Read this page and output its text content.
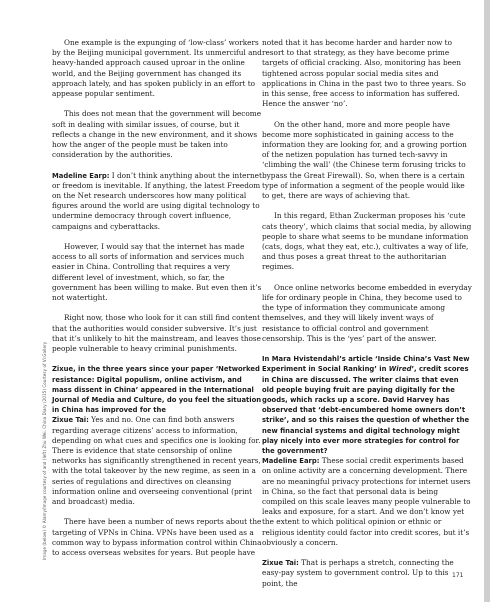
Image (below) © Alamy/Image courtesy of and (left) Zhu Wei. China Diary (2015) Courtesy of Vi:Gallery

One example is the expunging of ‘low-class’ workers by the Beijing municipal government. Its unmerciful and heavy-handed approach caused uproar in the online world, and the Beijing government has changed its approach lately, and has spoken publicly in an effort to appease popular sentiment.

This does not mean that the government will become soft in dealing with similar issues, of course, but it reflects a change in the new environment, and it shows how the anger of the people must be taken into consideration by the authorities.

Madeline Earp: I don’t think anything about the internet or freedom is inevitable. If anything, the latest Freedom on the Net research underscores how many political figures around the world are using digital technology to undermine democracy through covert influence, campaigns and cyberattacks.

However, I would say that the internet has made access to all sorts of information and services much easier in China. Controlling that requires a very different level of investment, which, so far, the government has been willing to make. But even then it’s not watertight.

Right now, those who look for it can still find content that the authorities would consider subversive. It’s just that it’s unlikely to hit the mainstream, and leaves those people vulnerable to heavy criminal punishments.

Zixue, in the three years since your paper ‘Networked resistance: Digital populism, online activism, and mass dissent in China’ appeared in the International Journal of Media and Culture, do you feel the situation in China has improved for the

Zixue Tai: Yes and no. One can find both answers regarding average citizens’ access to information, depending on what cues and specifics one is looking for. There is evidence that state censorship of online networks has significantly strengthened in recent years, with the total takeover by the new regime, as seen in a series of regulations and directives on cleansing information online and overseeing conventional (print and broadcast) media.

There have been a number of news reports about the targeting of VPNs in China. VPNs have been used as a common way to bypass information control within China to access overseas websites for years. But people have

noted that it has become harder and harder now to resort to that strategy, as they have become prime targets of official cracking. Also, monitoring has been tightened across popular social media sites and applications in China in the past two to three years. So in this sense, free access to information has suffered. Hence the answer ‘no’.

On the other hand, more and more people have become more sophisticated in gaining access to the information they are looking for, and a growing portion of the netizen population has turned tech-savvy in ‘climbing the wall’ (the Chinese term forusing tricks to bypass the Great Firewall). So, when there is a certain type of information a segment of the people would like to get, there are ways of achieving that.

In this regard, Ethan Zuckerman proposes his ‘cute cats theory’, which claims that social media, by allowing people to share what seems to be mundane information (cats, dogs, what they eat, etc.), cultivates a way of life, and thus poses a great threat to the authoritarian regimes.

Once online networks become embedded in everyday life for ordinary people in China, they become used to the type of information they communicate among themselves, and they will likely invent ways of resistance to official control and government censorship. This is the ‘yes’ part of the answer.

In Mara Hvistendahl’s article ‘Inside China’s Vast New Experiment in Social Ranking’ in Wired’, credit scores in China are discussed. The writer claims that even old people buying fruit are paying digitally for the goods, which racks up a score. David Harvey has observed that ‘debt-encumbered home owners don’t strike’, and so this raises the question of whether the new financial systems and digital technology might play nicely into ever more strategies for control for the government?

Madeline Earp: These social credit experiments based on online activity are a concerning development. There are no meaningful privacy protections for internet users in China, so the fact that personal data is being compiled on this scale leaves many people vulnerable to leaks and exposure, for a start. And we don’t know yet the extent to which political opinion or ethnic or religious identity could factor into credit scores, but it’s obviously a concern.

Zixue Tai: That is perhaps a stretch, connecting the easy-pay system to government control. Up to this point, the

171
